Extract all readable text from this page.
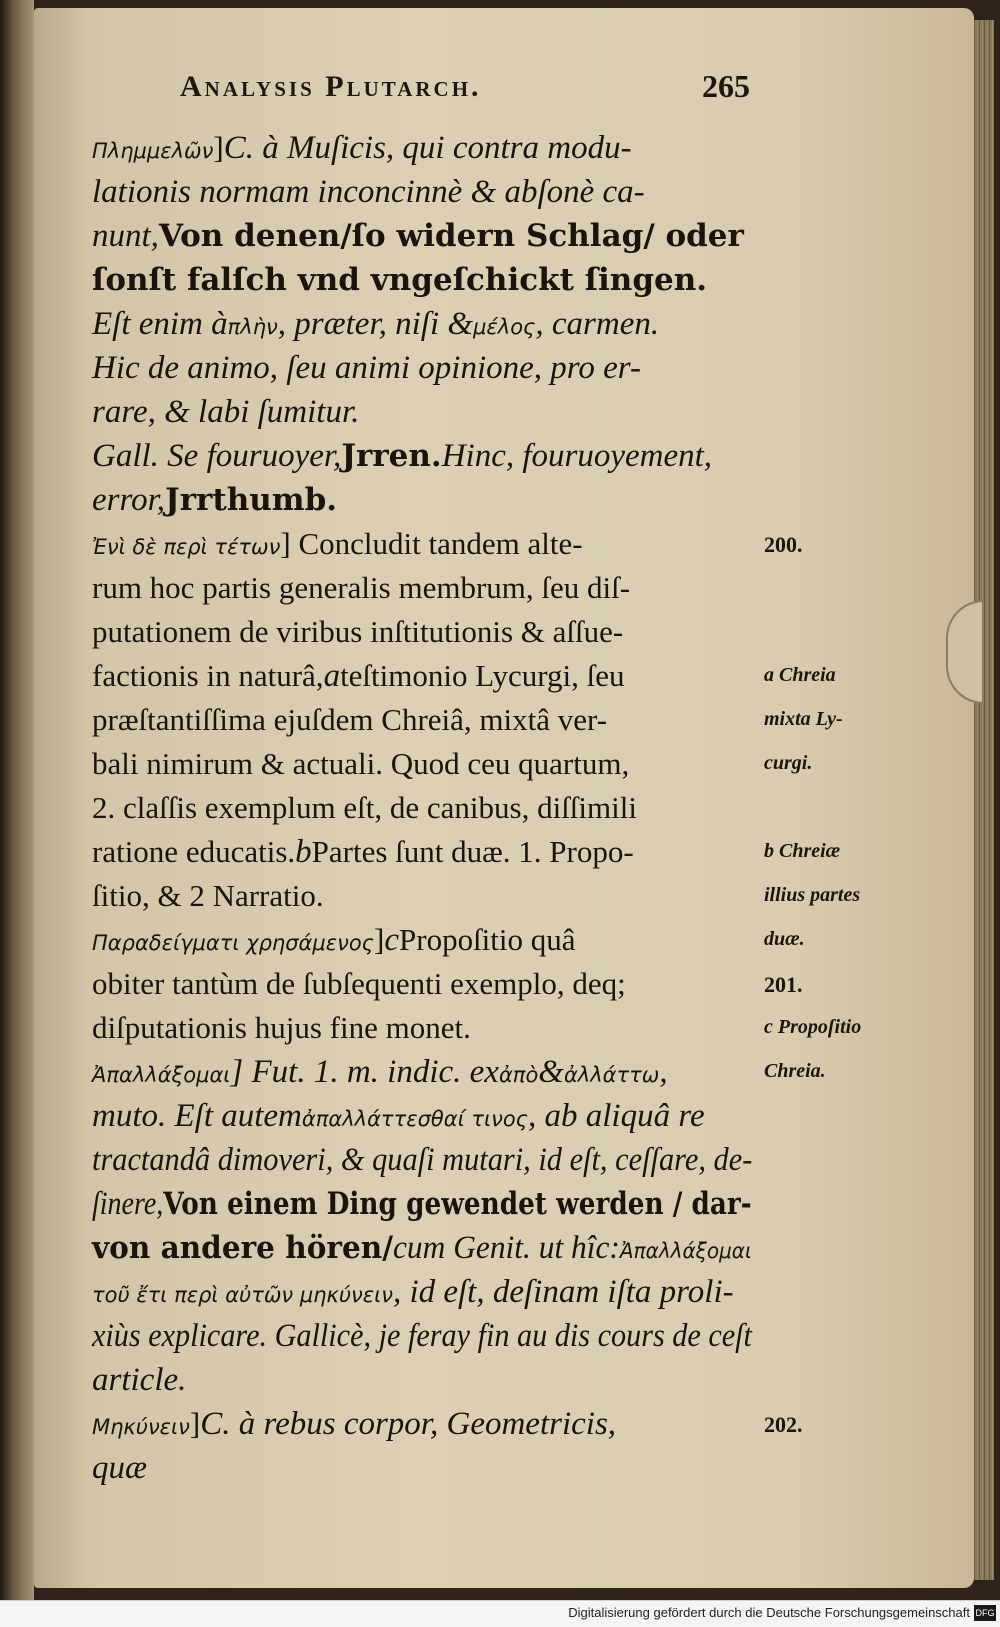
Analysis Plutarch.	265
Πλημμελῶν]C. à Muſicis, qui contra modu-
lationis normam inconcinnè & abſonè ca-
nunt,Von denen/ſo widern Schlag/ oder
ſonſt falſch vnd vngeſchickt ſingen.
Eſt enim àπλὴν, præter, niſi &μέλος, carmen.
Hic de animo, ſeu animi opinione, pro er-
rare, & labi ſumitur.
Gall. Se fouruoyer,Jrren.Hinc, fouruoyement,
error,Jrrthumb.
Ἐνὶ δὲ περὶ τέτων] Concludit tandem alte-
rum hoc partis generalis membrum, ſeu diſ-
putationem de viribus inſtitutionis & aſſue-
factionis in naturâ,ateſtimonio Lycurgi, ſeu
præſtantiſſima ejuſdem Chreiâ, mixtâ ver-
bali nimirum & actuali. Quod ceu quartum,
2. claſſis exemplum eſt, de canibus, diſſimili
ratione educatis.bPartes ſunt duæ. 1. Propo-
ſitio, & 2 Narratio.
Παραδείγματι χρησάμενος]cPropoſitio quâ
obiter tantùm de ſubſequenti exemplo, deq;
diſputationis hujus fine monet.
Ἀπαλλάξομαι] Fut. 1. m. indic. exἀπὸ&ἀλλάττω,
muto. Eſt autemἀπαλλάττεσθαί τινος, ab aliquâ re
tractandâ dimoveri, & quaſi mutari, id eſt, ceſſare, de-
ſinere,Von einem Ding gewendet werden / dar-
von andere hören/cum Genit. ut hîc:Ἀπαλλάξομαι
τοῦ ἔτι περὶ αὐτῶν μηκύνειν, id eſt, deſinam iſta proli-
xiùs explicare. Gallicè, je feray fin au dis cours de ceſt
article.
Μηκύνειν]C. à rebus corpor, Geometricis,
quæ
200.
a Chreia
mixta Ly-
curgi.
b Chreiæ
illius partes
duæ.
201.
c Propoſitio
Chreia.
202.
Digitalisierung gefördert durch die Deutsche Forschungsgemeinschaft DFG
